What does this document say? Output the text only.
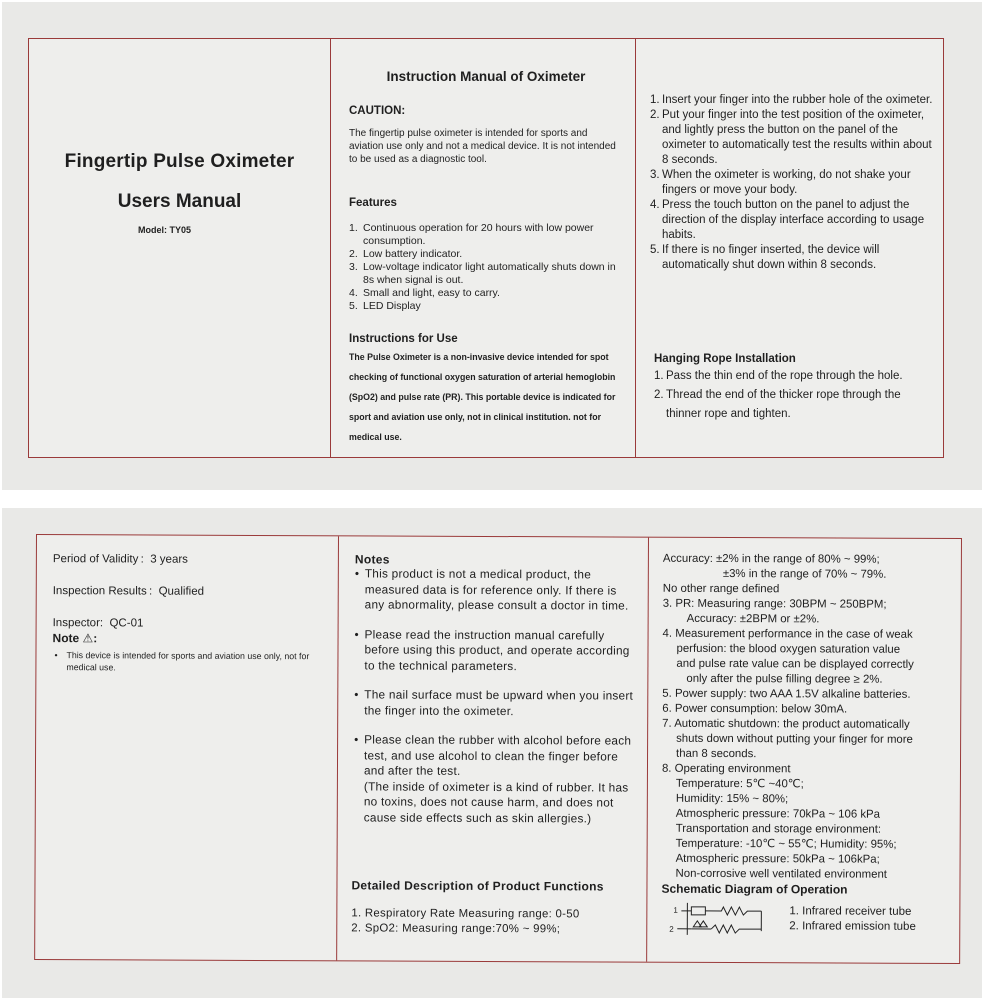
Fingertip Pulse Oximeter
Users Manual
Model: TY05
Instruction Manual of Oximeter
CAUTION:
The fingertip pulse oximeter is intended for sports and aviation use only and not a medical device. It is not intended to be used as a diagnostic tool.
Features
1. Continuous operation for 20 hours with low power consumption.
2. Low battery indicator.
3. Low-voltage indicator light automatically shuts down in 8s when signal is out.
4. Small and light, easy to carry.
5. LED Display
Instructions for Use
The Pulse Oximeter is a non-invasive device intended for spot checking of functional oxygen saturation of arterial hemoglobin (SpO2) and pulse rate (PR). This portable device is indicated for sport and aviation use only, not in clinical institution. not for medical use.
1. Insert your finger into the rubber hole of the oximeter.
2. Put your finger into the test position of the oximeter, and lightly press the button on the panel of the oximeter to automatically test the results within about 8 seconds.
3. When the oximeter is working, do not shake your fingers or move your body.
4. Press the touch button on the panel to adjust the direction of the display interface according to usage habits.
5. If there is no finger inserted, the device will automatically shut down within 8 seconds.
Hanging Rope Installation
1. Pass the thin end of the rope through the hole.
2. Thread the end of the thicker rope through the thinner rope and tighten.
Period of Validity : 3 years
Inspection Results : Qualified
Inspector: QC-01
Note ⚠:
• This device is intended for sports and aviation use only, not for medical use.
Notes
• This product is not a medical product, the measured data is for reference only. If there is any abnormality, please consult a doctor in time.
• Please read the instruction manual carefully before using this product, and operate according to the technical parameters.
• The nail surface must be upward when you insert the finger into the oximeter.
• Please clean the rubber with alcohol before each test, and use alcohol to clean the finger before and after the test.
(The inside of oximeter is a kind of rubber. It has no toxins, does not cause harm, and does not cause side effects such as skin allergies.)
Detailed Description of Product Functions
1. Respiratory Rate Measuring range: 0-50
2. SpO2: Measuring range:70% ~ 99%;
Accuracy: ±2% in the range of 80% ~ 99%;
±3% in the range of 70% ~ 79%.
No other range defined
3. PR: Measuring range: 30BPM ~ 250BPM;
Accuracy: ±2BPM or ±2%.
4. Measurement performance in the case of weak
perfusion: the blood oxygen saturation value
and pulse rate value can be displayed correctly
only after the pulse filling degree ≥ 2%.
5. Power supply: two AAA 1.5V alkaline batteries.
6. Power consumption: below 30mA.
7. Automatic shutdown: the product automatically
shuts down without putting your finger for more
than 8 seconds.
8. Operating environment
Temperature: 5℃ ~40℃;
Humidity: 15% ~ 80%;
Atmospheric pressure: 70kPa ~ 106 kPa
Transportation and storage environment:
Temperature: -10℃ ~ 55℃; Humidity: 95%;
Atmospheric pressure: 50kPa ~ 106kPa;
Non-corrosive well ventilated environment
Schematic Diagram of Operation
1
2
1. Infrared receiver tube
2. Infrared emission tube
